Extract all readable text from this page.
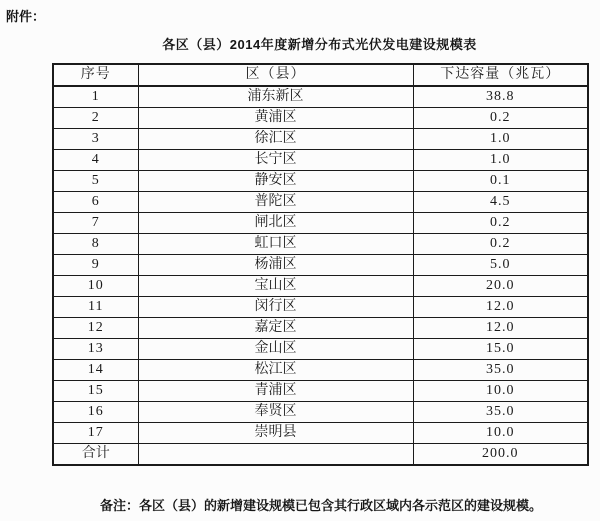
附件：
各区（县）2014年度新增分布式光伏发电建设规模表
序号	区（县）	下达容量（兆瓦）
1	浦东新区	38.8
2	黄浦区	0.2
3	徐汇区	1.0
4	长宁区	1.0
5	静安区	0.1
6	普陀区	4.5
7	闸北区	0.2
8	虹口区	0.2
9	杨浦区	5.0
10	宝山区	20.0
11	闵行区	12.0
12	嘉定区	12.0
13	金山区	15.0
14	松江区	35.0
15	青浦区	10.0
16	奉贤区	35.0
17	崇明县	10.0
合计		200.0
备注：各区（县）的新增建设规模已包含其行政区域内各示范区的建设规模。
